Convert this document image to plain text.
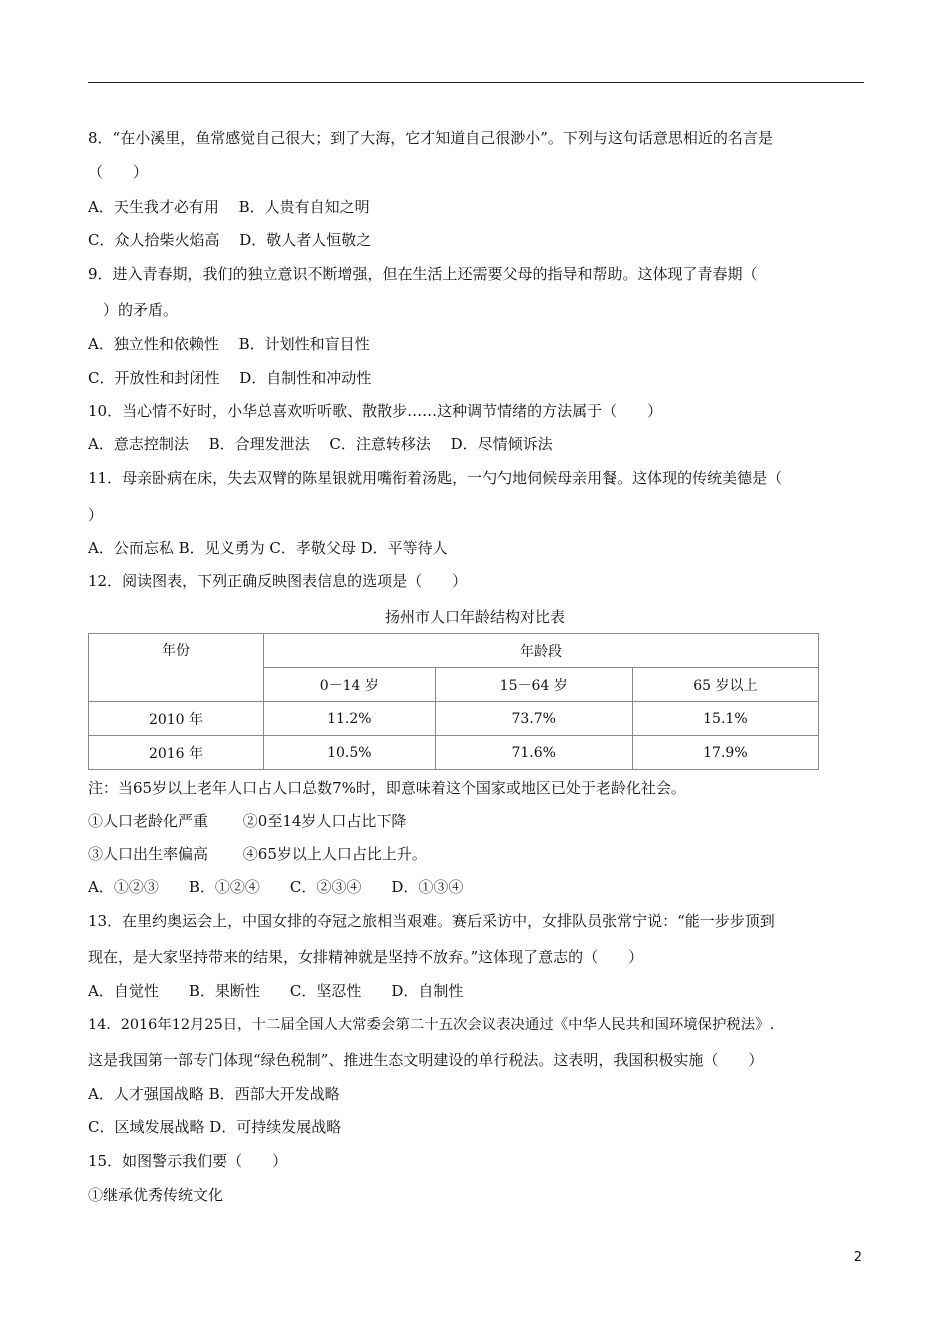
8．“在小溪里，鱼常感觉自己很大；到了大海，它才知道自己很渺小”。下列与这句话意思相近的名言是
（　　）
A．天生我才必有用　 B．人贵有自知之明
C．众人拾柴火焰高　 D．敬人者人恒敬之
9．进入青春期，我们的独立意识不断增强，但在生活上还需要父母的指导和帮助。这体现了青春期（
　）的矛盾。
A．独立性和依赖性　 B．计划性和盲目性
C．开放性和封闭性　 D．自制性和冲动性
10．当心情不好时，小华总喜欢听听歌、散散步……这种调节情绪的方法属于（　　）
A．意志控制法　 B．合理发泄法　 C．注意转移法　 D．尽情倾诉法
11．母亲卧病在床，失去双臂的陈星银就用嘴衔着汤匙，一勺勺地伺候母亲用餐。这体现的传统美德是（
）
A．公而忘私 B．见义勇为 C．孝敬父母 D．平等待人
12．阅读图表，下列正确反映图表信息的选项是（　　）
扬州市人口年龄结构对比表
年份	年龄段		
	0－14 岁	15－64 岁	65 岁以上
2010 年	11.2%	73.7%	15.1%
2016 年	10.5%	71.6%	17.9%
注：当65岁以上老年人口占人口总数7%时，即意味着这个国家或地区已处于老龄化社会。
①人口老龄化严重　　 ②0至14岁人口占比下降
③人口出生率偏高　　 ④65岁以上人口占比上升。
A．①②③　　B．①②④　　C．②③④　　D．①③④
13．在里约奥运会上，中国女排的夺冠之旅相当艰难。赛后采访中，女排队员张常宁说：“能一步步顶到
现在，是大家坚持带来的结果，女排精神就是坚持不放弃。”这体现了意志的（　　）
A．自觉性　　B．果断性　　C．坚忍性　　D．自制性
14．2016年12月25日，十二届全国人大常委会第二十五次会议表决通过《中华人民共和国环境保护税法》.
这是我国第一部专门体现“绿色税制”、推进生态文明建设的单行税法。这表明，我国积极实施（　　）
A．人才强国战略 B．西部大开发战略
C．区域发展战略 D．可持续发展战略
15．如图警示我们要（　　）
①继承优秀传统文化
2
